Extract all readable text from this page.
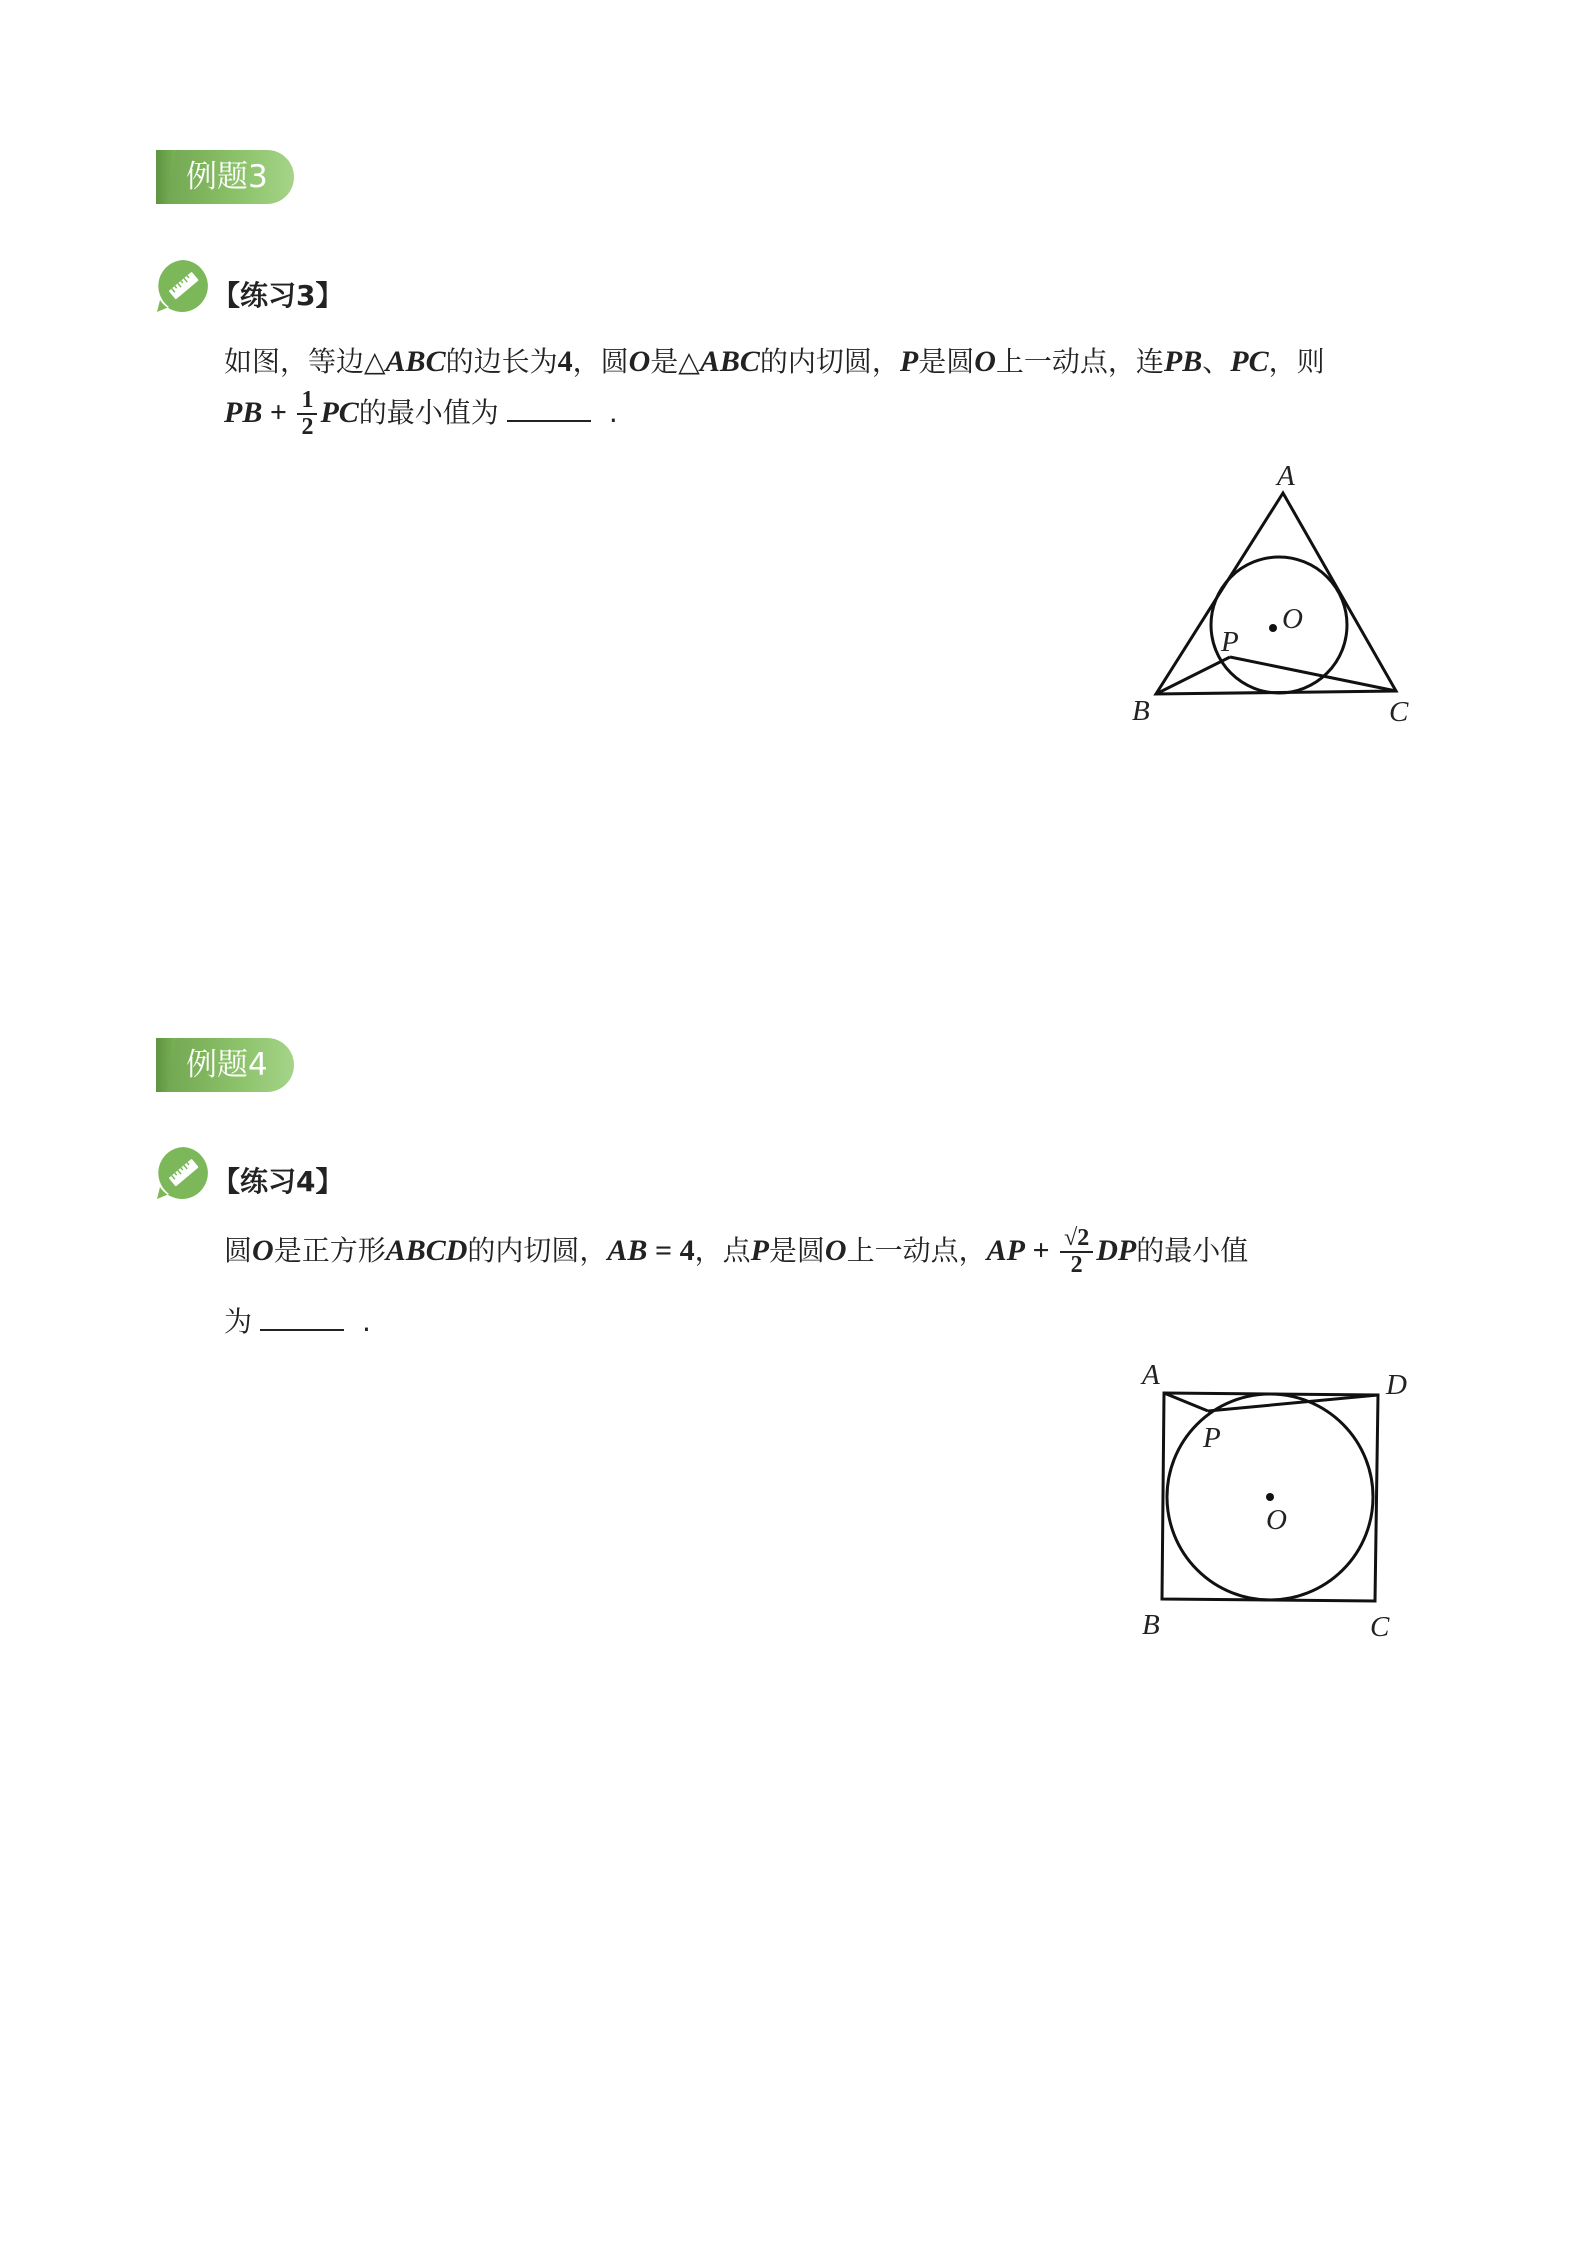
例题3
【练习3】
如图，等边△ABC的边长为4，圆O是△ABC的内切圆，P是圆O上一动点，连PB、PC，则
PB + $\frac{1}{2}$ PC的最小值为	.
A
B	C
O
P
例题4
【练习4】
圆O是正方形ABCD的内切圆，AB = 4，点P是圆O上一动点，AP + $\frac{√2}{2}$ DP的最小值
为	.
A	D
P
O
B	C
